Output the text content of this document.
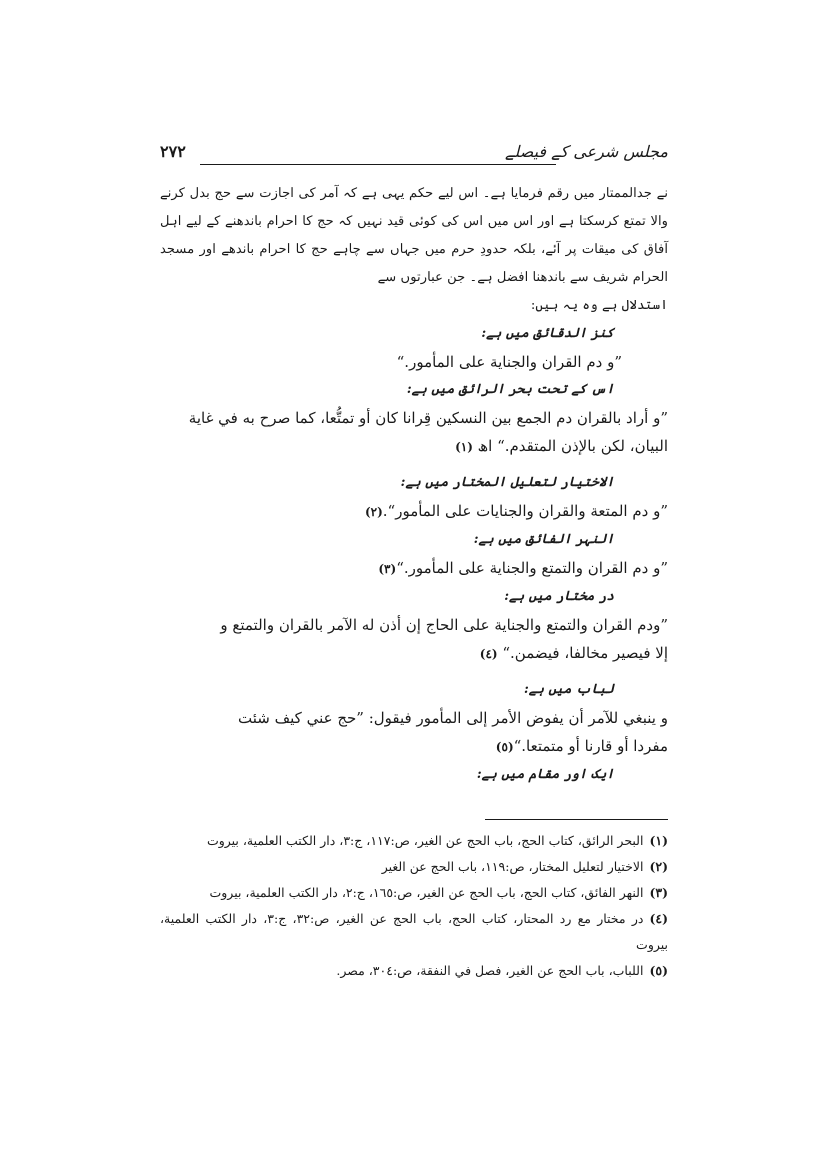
مجلس شرعی کے فیصلے
٢٧٢

نے جدالممتار میں رقم فرمایا ہے۔ اس لیے حکم یہی ہے کہ آمر کی اجازت سے حج بدل کرنے والا تمتع کرسکتا ہے اور اس میں اس کی کوئی قید نہیں کہ حج کا احرام باندھنے کے لیے اہل آفاق کی میقات پر آئے، بلکہ حدودِ حرم میں جہاں سے چاہے حج کا احرام باندھے اور مسجد الحرام شریف سے باندھنا افضل ہے۔ جن عبارتوں سے

استدلال ہے وہ یہ ہیں:

کنز الدقائق میں ہے:

”و دم القران والجناية على المأمور.“

اس کے تحت بحر الرائق میں ہے:

”و أراد بالقران دم الجمع بين النسكين قِرانا كان أو تمتُّعا، كما صرح به في غاية

البيان، لكن بالإذن المتقدم.“ اھ (١)

الاختيار لتعليل المختار میں ہے:

”و دم المتعة والقران والجنايات على المأمور“.(٢)

النہر الفائق میں ہے:

”و دم القران والتمتع والجناية على المأمور.“(٣)

در مختار میں ہے:

”ودم القران والتمتع والجناية على الحاج إن أذن له الآمر بالقران والتمتع و

إلا فيصير مخالفا، فيضمن.“ (٤)

لباب میں ہے:

و ينبغي للآمر أن يفوض الأمر إلى المأمور فيقول: ”حج عني كيف شئت

مفردا أو قارنا أو متمتعا.“(٥)

ایک اور مقام میں ہے:

(١)البحر الرائق، كتاب الحج، باب الحج عن الغير، ص:١١٧، ج:٣، دار الكتب العلمية، بيروت

(٢)الاختيار لتعليل المختار، ص:١١٩، باب الحج عن الغير

(٣)النهر الفائق، كتاب الحج، باب الحج عن الغير، ص:١٦٥، ج:٢، دار الكتب العلمية، بيروت

(٤)در مختار مع رد المحتار، كتاب الحج، باب الحج عن الغير، ص:٣٢، ج:٣، دار الكتب العلمية، بيروت

(٥)اللباب، باب الحج عن الغير، فصل في النفقة، ص:٣٠٤، مصر.
